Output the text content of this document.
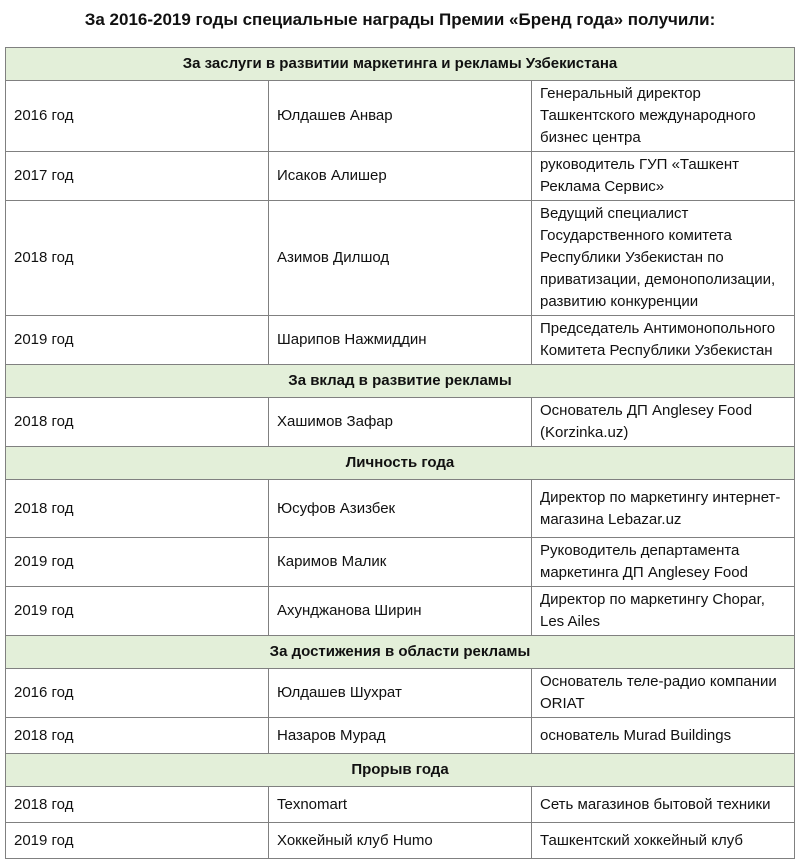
За 2016-2019 годы специальные награды Премии «Бренд года» получили:
За заслуги в развитии маркетинга и рекламы Узбекистана		
2016 год	Юлдашев Анвар	Генеральный директор Ташкентского международного бизнес центра
2017 год	Исаков Алишер	руководитель ГУП «Ташкент Реклама Сервис»
2018 год	Азимов Дилшод	Ведущий специалист Государственного комитета Республики Узбекистан по приватизации, демонополизации, развитию конкуренции
2019 год	Шарипов Нажмиддин	Председатель Антимонопольного Комитета Республики Узбекистан
За вклад в развитие рекламы		
2018 год	Хашимов Зафар	Основатель ДП Anglesey Food (Korzinka.uz)
Личность года		
2018 год	Юсуфов Азизбек	Директор по маркетингу интернет-магазина Lebazar.uz
2019 год	Каримов Малик	Руководитель департамента маркетинга ДП Anglesey Food
2019 год	Ахунджанова Ширин	Директор по маркетингу Chopar, Les Ailes
За достижения в области рекламы		
2016 год	Юлдашев Шухрат	Основатель теле-радио компании ORIAT
2018 год	Назаров Мурад	основатель Murad Buildings
Прорыв года		
2018 год	Texnomart	Сеть магазинов бытовой техники
2019 год	Хоккейный клуб Humo	Ташкентский хоккейный клуб
